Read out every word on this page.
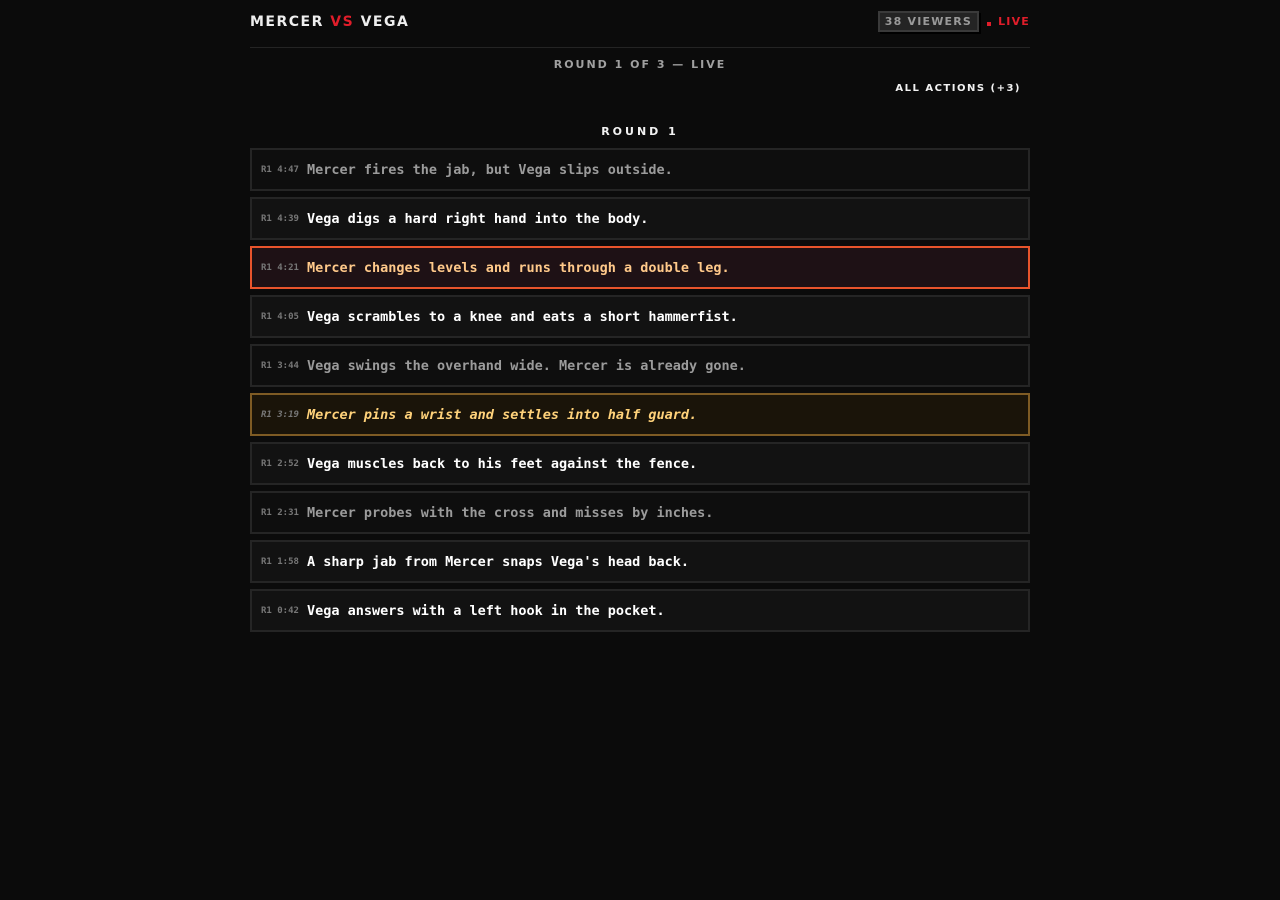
MERCER VS VEGA	38 VIEWERS	LIVE
ROUND 1 OF 3 — LIVE
ALL ACTIONS (+3)
ROUND 1
R1 4:47 Mercer fires the jab, but Vega slips outside.
R1 4:39 Vega digs a hard right hand into the body.
R1 4:21 Mercer changes levels and runs through a double leg.
R1 4:05 Vega scrambles to a knee and eats a short hammerfist.
R1 3:44 Vega swings the overhand wide. Mercer is already gone.
R1 3:19 Mercer pins a wrist and settles into half guard.
R1 2:52 Vega muscles back to his feet against the fence.
R1 2:31 Mercer probes with the cross and misses by inches.
R1 1:58 A sharp jab from Mercer snaps Vega's head back.
R1 0:42 Vega answers with a left hook in the pocket.
